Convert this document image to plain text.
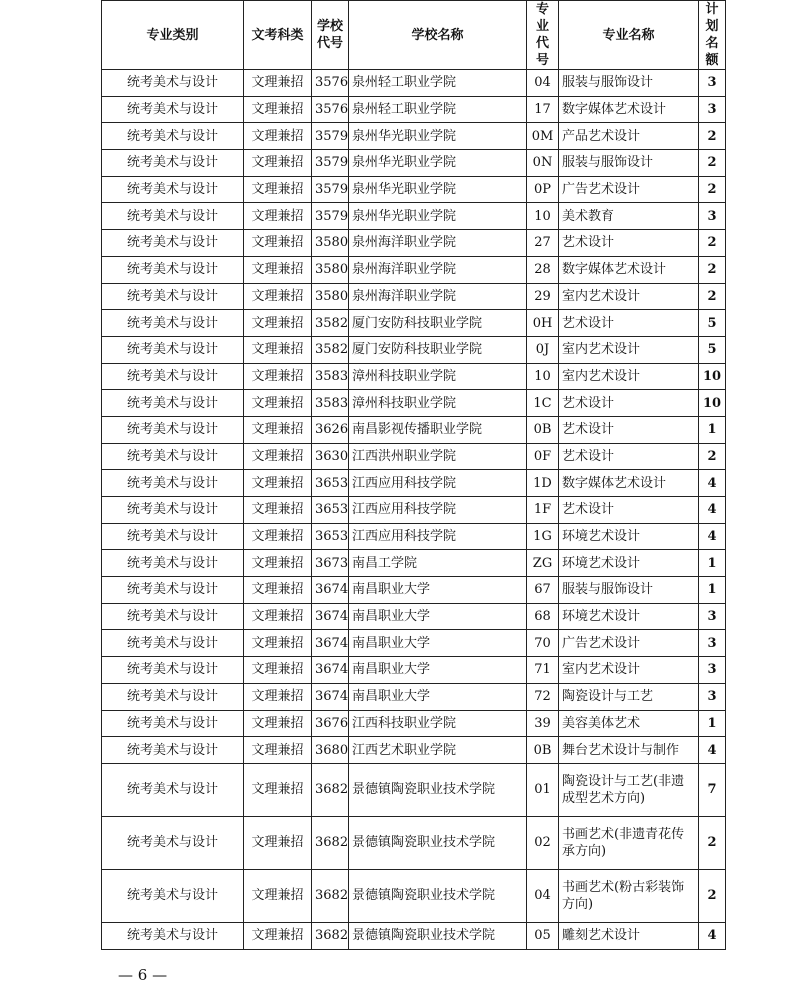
专业类别	文考科类	学校代号	学校名称	专业代号	专业名称	计划名额
统考美术与设计	文理兼招	3576	泉州轻工职业学院	04	服装与服饰设计	3
统考美术与设计	文理兼招	3576	泉州轻工职业学院	17	数字媒体艺术设计	3
统考美术与设计	文理兼招	3579	泉州华光职业学院	0M	产品艺术设计	2
统考美术与设计	文理兼招	3579	泉州华光职业学院	0N	服装与服饰设计	2
统考美术与设计	文理兼招	3579	泉州华光职业学院	0P	广告艺术设计	2
统考美术与设计	文理兼招	3579	泉州华光职业学院	10	美术教育	3
统考美术与设计	文理兼招	3580	泉州海洋职业学院	27	艺术设计	2
统考美术与设计	文理兼招	3580	泉州海洋职业学院	28	数字媒体艺术设计	2
统考美术与设计	文理兼招	3580	泉州海洋职业学院	29	室内艺术设计	2
统考美术与设计	文理兼招	3582	厦门安防科技职业学院	0H	艺术设计	5
统考美术与设计	文理兼招	3582	厦门安防科技职业学院	0J	室内艺术设计	5
统考美术与设计	文理兼招	3583	漳州科技职业学院	10	室内艺术设计	10
统考美术与设计	文理兼招	3583	漳州科技职业学院	1C	艺术设计	10
统考美术与设计	文理兼招	3626	南昌影视传播职业学院	0B	艺术设计	1
统考美术与设计	文理兼招	3630	江西洪州职业学院	0F	艺术设计	2
统考美术与设计	文理兼招	3653	江西应用科技学院	1D	数字媒体艺术设计	4
统考美术与设计	文理兼招	3653	江西应用科技学院	1F	艺术设计	4
统考美术与设计	文理兼招	3653	江西应用科技学院	1G	环境艺术设计	4
统考美术与设计	文理兼招	3673	南昌工学院	ZG	环境艺术设计	1
统考美术与设计	文理兼招	3674	南昌职业大学	67	服装与服饰设计	1
统考美术与设计	文理兼招	3674	南昌职业大学	68	环境艺术设计	3
统考美术与设计	文理兼招	3674	南昌职业大学	70	广告艺术设计	3
统考美术与设计	文理兼招	3674	南昌职业大学	71	室内艺术设计	3
统考美术与设计	文理兼招	3674	南昌职业大学	72	陶瓷设计与工艺	3
统考美术与设计	文理兼招	3676	江西科技职业学院	39	美容美体艺术	1
统考美术与设计	文理兼招	3680	江西艺术职业学院	0B	舞台艺术设计与制作	4
统考美术与设计	文理兼招	3682	景德镇陶瓷职业技术学院	01	陶瓷设计与工艺(非遗成型艺术方向)	7
统考美术与设计	文理兼招	3682	景德镇陶瓷职业技术学院	02	书画艺术(非遗青花传承方向)	2
统考美术与设计	文理兼招	3682	景德镇陶瓷职业技术学院	04	书画艺术(粉古彩装饰方向)	2
统考美术与设计	文理兼招	3682	景德镇陶瓷职业技术学院	05	雕刻艺术设计	4
— 6 —
